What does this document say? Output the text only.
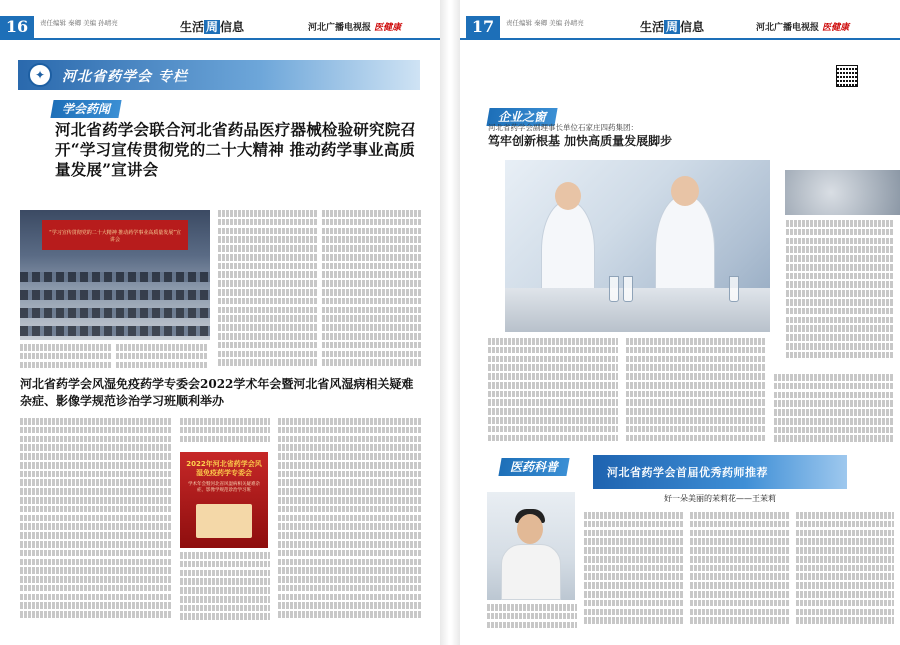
16	责任编辑 秦卿 美编 孙晴亮	生活 周 信息	河北广播电视报 医健康
✦	河北省药学会 专栏
学会药闻
河北省药学会联合河北省药品医疗器械检验研究院召开“学习宣传贯彻党的二十大精神 推动药学事业高质量发展”宣讲会
“学习宣传贯彻党的二十大精神 推动药学事业高质量发展”宣讲会
河北省药学会风湿免疫药学专委会2022学术年会暨河北省风湿病相关疑难杂症、影像学规范诊治学习班顺利举办
2022年河北省药学会风湿免疫药学专委会
学术年会暨河北省风湿病相关疑难杂症、影像学规范诊治学习班
17	责任编辑 秦卿 美编 孙晴亮	生活 周 信息	河北广播电视报 医健康
企业之窗
河北省药学会副理事长单位石家庄四药集团：
笃牢创新根基 加快高质量发展脚步
医药科普	河北省药学会首届优秀药师推荐
好一朵美丽的茉莉花——王茉莉
